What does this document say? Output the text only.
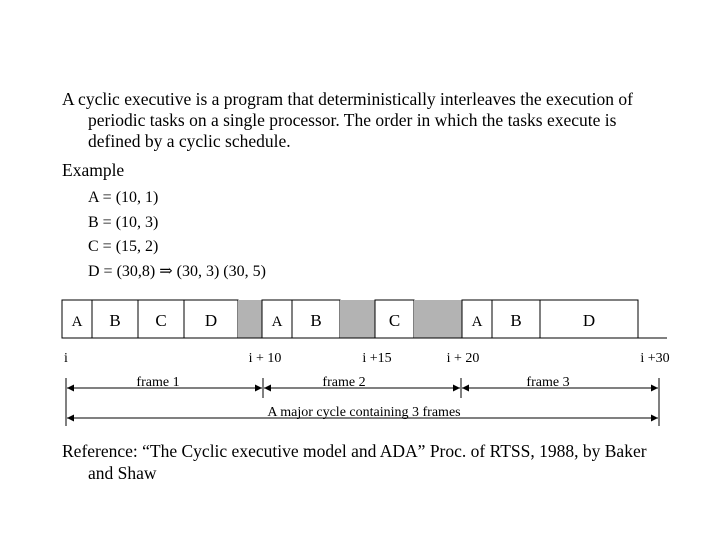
A cyclic executive is a program that deterministically interleaves the execution of periodic tasks on a single processor. The order in which the tasks execute is defined by a cyclic schedule.

Example
A = (10, 1)
B = (10, 3)
C = (15, 2)
D = (30,8) ⇒ (30, 3) (30, 5)
A B C D	A B	C	A B	D
i	i + 10	i +15	i + 20	i +30
frame 1	frame 2	frame 3
A major cycle containing 3 frames

Reference: “The Cyclic executive model and ADA” Proc. of RTSS, 1988, by Baker and Shaw
